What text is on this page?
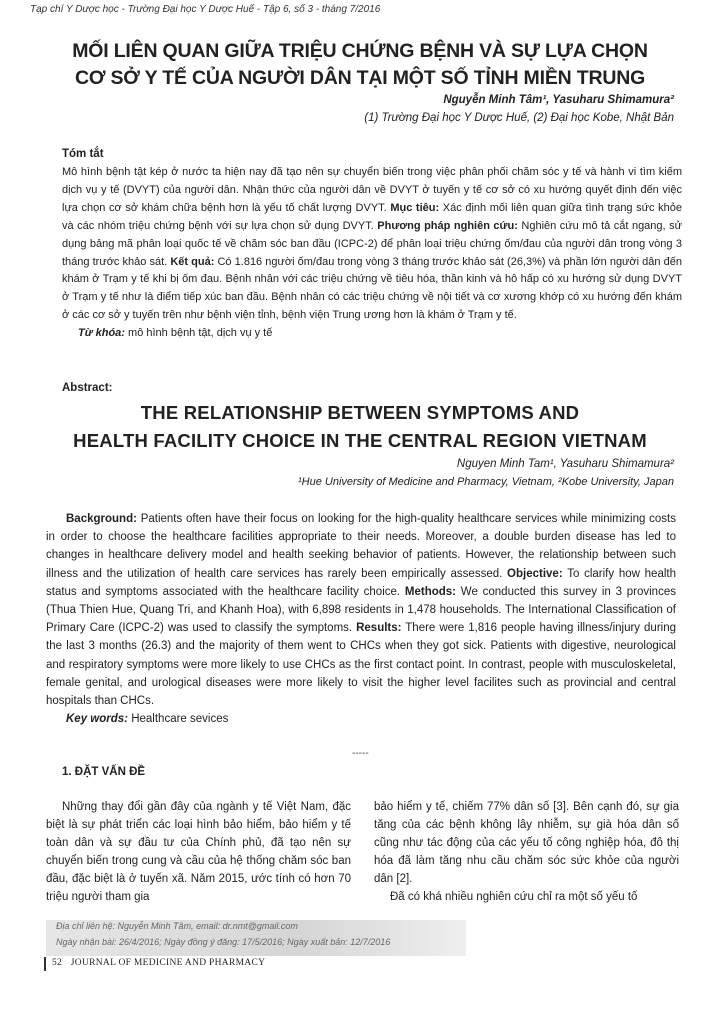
Tạp chí Y Dược học - Trường Đại học Y Dược Huế - Tập 6, số 3 - tháng 7/2016
MỐI LIÊN QUAN GIỮA TRIỆU CHỨNG BỆNH VÀ SỰ LỰA CHỌN
CƠ SỞ Y TẾ CỦA NGƯỜI DÂN TẠI MỘT SỐ TỈNH MIỀN TRUNG
Nguyễn Minh Tâm¹, Yasuharu Shimamura²
(1) Trường Đại học Y Dược Huế, (2) Đại học Kobe, Nhật Bản
Tóm tắt
Mô hình bệnh tật kép ở nước ta hiện nay đã tạo nên sự chuyển biến trong việc phân phối chăm sóc y tế và hành vi tìm kiếm dịch vụ y tế (DVYT) của người dân. Nhận thức của người dân về DVYT ở tuyến y tế cơ sở có xu hướng quyết định đến việc lựa chọn cơ sở khám chữa bệnh hơn là yếu tố chất lượng DVYT. Mục tiêu: Xác định mối liên quan giữa tình trạng sức khỏe và các nhóm triệu chứng bệnh với sự lựa chọn sử dụng DVYT. Phương pháp nghiên cứu: Nghiên cứu mô tả cắt ngang, sử dụng bảng mã phân loại quốc tế về chăm sóc ban đầu (ICPC-2) để phân loại triệu chứng ốm/đau của người dân trong vòng 3 tháng trước khảo sát. Kết quả: Có 1.816 người ốm/đau trong vòng 3 tháng trước khảo sát (26,3%) và phần lớn người dân đến khám ở Trạm y tế khi bị ốm đau. Bệnh nhân với các triệu chứng về tiêu hóa, thần kinh và hô hấp có xu hướng sử dụng DVYT ở Trạm y tế như là điểm tiếp xúc ban đầu. Bệnh nhân có các triệu chứng về nội tiết và cơ xương khớp có xu hướng đến khám ở các cơ sở y tuyến trên như bệnh viện tỉnh, bệnh viện Trung ương hơn là khám ở Trạm y tế.
Từ khóa: mô hình bệnh tật, dịch vụ y tế
Abstract:
THE RELATIONSHIP BETWEEN SYMPTOMS AND
HEALTH FACILITY CHOICE IN THE CENTRAL REGION VIETNAM
Nguyen Minh Tam¹, Yasuharu Shimamura²
¹Hue University of Medicine and Pharmacy, Vietnam, ²Kobe University, Japan
Background: Patients often have their focus on looking for the high-quality healthcare services while minimizing costs in order to choose the healthcare facilities appropriate to their needs. Moreover, a double burden disease has led to changes in healthcare delivery model and health seeking behavior of patients. However, the relationship between such illness and the utilization of health care services has rarely been empirically assessed. Objective: To clarify how health status and symptoms associated with the healthcare facility choice. Methods: We conducted this survey in 3 provinces (Thua Thien Hue, Quang Tri, and Khanh Hoa), with 6,898 residents in 1,478 households. The International Classification of Primary Care (ICPC-2) was used to classify the symptoms. Results: There were 1,816 people having illness/injury during the last 3 months (26.3) and the majority of them went to CHCs when they got sick. Patients with digestive, neurological and respiratory symptoms were more likely to use CHCs as the first contact point. In contrast, people with musculoskeletal, female genital, and urological diseases were more likely to visit the higher level facilites such as provincial and central hospitals than CHCs.
Key words: Healthcare sevices
-----
1. ĐẶT VẤN ĐỀ

Những thay đổi gần đây của ngành y tế Việt Nam, đặc biệt là sự phát triển các loại hình bảo hiểm, bảo hiểm y tế toàn dân và sự đầu tư của Chính phủ, đã tạo nên sự chuyển biến trong cung và cầu của hệ thống chăm sóc ban đầu, đặc biệt là ở tuyến xã. Năm 2015, ước tính có hơn 70 triệu người tham gia

bảo hiểm y tế, chiếm 77% dân số [3]. Bên cạnh đó, sự gia tăng của các bệnh không lây nhiễm, sự già hóa dân số cũng như tác động của các yếu tố công nghiệp hóa, đô thị hóa đã làm tăng nhu cầu chăm sóc sức khỏe của người dân [2].

Đã có khá nhiều nghiên cứu chỉ ra một số yếu tố

Địa chỉ liên hệ: Nguyễn Minh Tâm, email: dr.nmt@gmail.com
Ngày nhận bài: 26/4/2016; Ngày đồng ý đăng: 17/5/2016; Ngày xuất bản: 12/7/2016
52 JOURNAL OF MEDICINE AND PHARMACY
